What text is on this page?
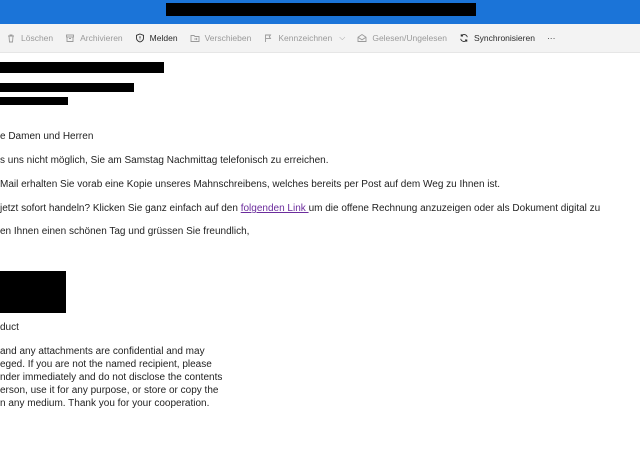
Löschen	Archivieren	Melden	Verschieben	Kennzeichnen ⌵	Gelesen/Ungelesen	Synchronisieren ···
e Damen und Herren
s uns nicht möglich, Sie am Samstag Nachmittag telefonisch zu erreichen.
Mail erhalten Sie vorab eine Kopie unseres Mahnschreibens, welches bereits per Post auf dem Weg zu Ihnen ist.
jetzt sofort handeln? Klicken Sie ganz einfach auf den folgenden Link um die offene Rechnung anzuzeigen oder als Dokument digital zu
en Ihnen einen schönen Tag und grüssen Sie freundlich,
duct
and any attachments are confidential and may
eged. If you are not the named recipient, please
nder immediately and do not disclose the contents
erson, use it for any purpose, or store or copy the
n any medium. Thank you for your cooperation.
